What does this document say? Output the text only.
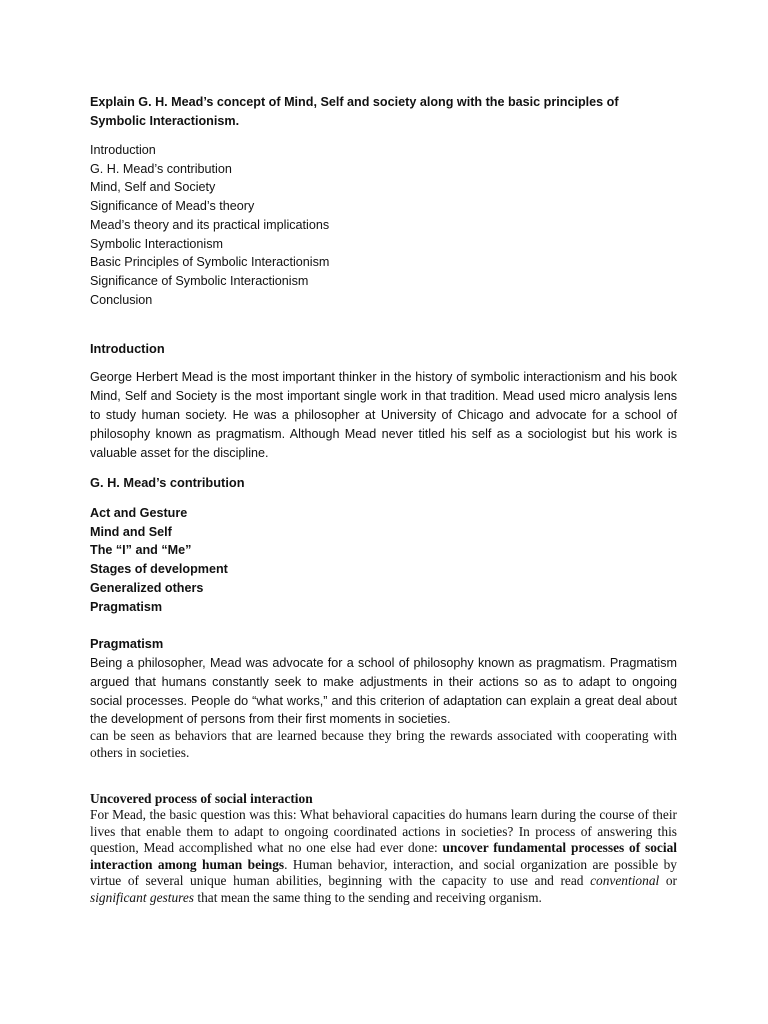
Explain G. H. Mead’s concept of Mind, Self and society along with the basic principles of Symbolic Interactionism.
Introduction
G. H. Mead’s contribution
Mind, Self and Society
Significance of Mead’s theory
Mead’s theory and its practical implications
Symbolic Interactionism
Basic Principles of Symbolic Interactionism
Significance of Symbolic Interactionism
Conclusion
Introduction
George Herbert Mead is the most important thinker in the history of symbolic interactionism and his book Mind, Self and Society is the most important single work in that tradition. Mead used micro analysis lens to study human society. He was a philosopher at University of Chicago and advocate for a school of philosophy known as pragmatism. Although Mead never titled his self as a sociologist but his work is valuable asset for the discipline.
G. H. Mead’s contribution
Act and Gesture
Mind and Self
The “I” and “Me”
Stages of development
Generalized others
Pragmatism
Pragmatism
Being a philosopher, Mead was advocate for a school of philosophy known as pragmatism. Pragmatism argued that humans constantly seek to make adjustments in their actions so as to adapt to ongoing social processes. People do “what works,” and this criterion of adaptation can explain a great deal about the development of persons from their first moments in societies.
can be seen as behaviors that are learned because they bring the rewards associated with cooperating with others in societies.
Uncovered process of social interaction
For Mead, the basic question was this: What behavioral capacities do humans learn during the course of their lives that enable them to adapt to ongoing coordinated actions in societies? In process of answering this question, Mead accomplished what no one else had ever done: uncover fundamental processes of social interaction among human beings. Human behavior, interaction, and social organization are possible by virtue of several unique human abilities, beginning with the capacity to use and read conventional or significant gestures that mean the same thing to the sending and receiving organism.
